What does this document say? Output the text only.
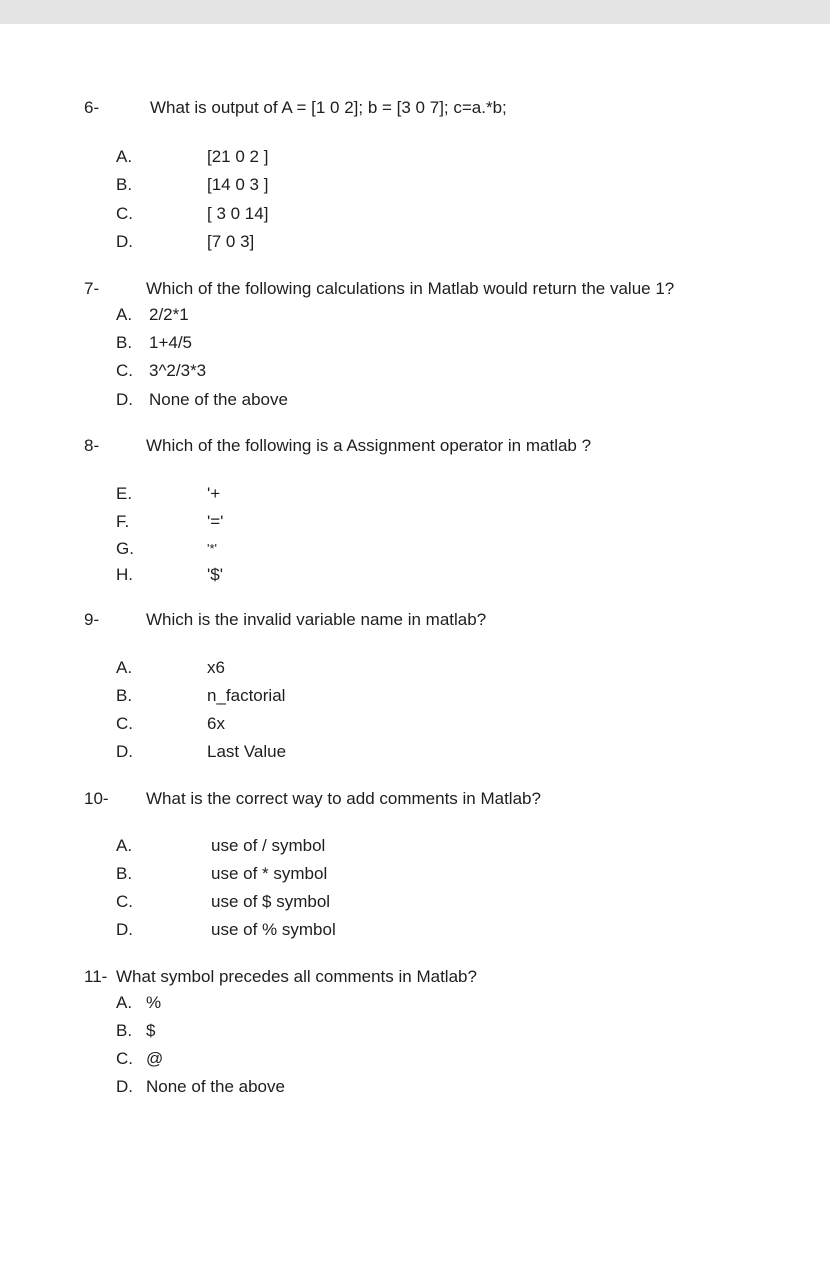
6-	What is output of A = [1 0 2]; b = [3 0 7]; c=a.*b;
A.	[21 0 2 ]
B.	[14 0 3 ]
C.	[ 3 0 14]
D.	[7 0 3]
7-	Which of the following calculations in Matlab would return the value 1?
A. 2/2*1
B. 1+4/5
C. 3^2/3*3
D. None of the above
8-	Which of the following is a Assignment operator in matlab ?
E.	'+
F.	'='
G.	'*'
H.	'$'
9-	Which is the invalid variable name in matlab?
A.	x6
B.	n_factorial
C.	6x
D.	Last Value
10- What is the correct way to add comments in Matlab?
A.	use of / symbol
B.	use of * symbol
C.	use of $ symbol
D.	use of % symbol
11- What symbol precedes all comments in Matlab?
A. %
B. $
C. @
D. None of the above
